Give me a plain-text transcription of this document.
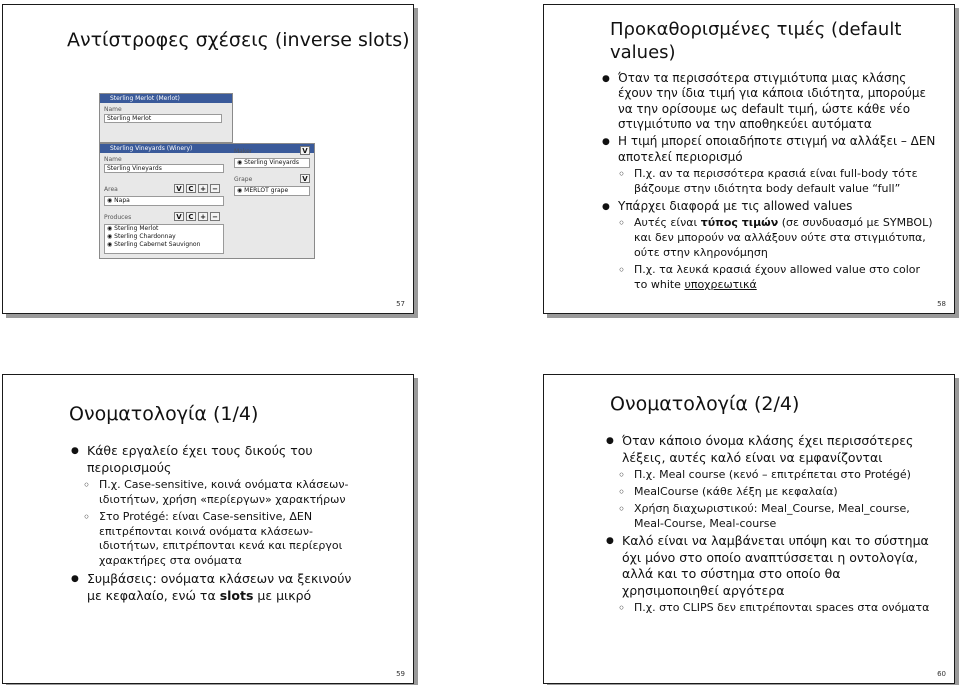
Αντίστροφες σχέσεις (inverse slots)
Sterling Merlot (Merlot)
Name
Sterling Merlot
Sterling Vineyards (Winery)
Name
Sterling Vineyards
Area	V C + −
◉ Napa
Produces	V C + −
◉ Sterling Merlot
◉ Sterling Chardonnay
◉ Sterling Cabernet Sauvignon
Maker	V
◉ Sterling Vineyards
Grape	V
◉ MERLOT grape
57
Προκαθορισμένες τιμές (default
values)
● Όταν τα περισσότερα στιγμιότυπα μιας κλάσης έχουν την ίδια τιμή για κάποια ιδιότητα, μπορούμε να την ορίσουμε ως default τιμή, ώστε κάθε νέο στιγμιότυπο να την αποθηκεύει αυτόματα
● Η τιμή μπορεί οποιαδήποτε στιγμή να αλλάξει – ΔΕΝ αποτελεί περιορισμό
◦ Π.χ. αν τα περισσότερα κρασιά είναι full-body τότε βάζουμε στην ιδιότητα body default value “full”
● Υπάρχει διαφορά με τις allowed values
◦ Αυτές είναι τύπος τιμών (σε συνδυασμό με SYMBOL) και δεν μπορούν να αλλάξουν ούτε στα στιγμιότυπα, ούτε στην κληρονόμηση
◦ Π.χ. τα λευκά κρασιά έχουν allowed value στο color το white υποχρεωτικά
58
Ονοματολογία (1/4)
● Κάθε εργαλείο έχει τους δικούς του περιορισμούς
◦ Π.χ. Case-sensitive, κοινά ονόματα κλάσεων-ιδιοτήτων, χρήση «περίεργων» χαρακτήρων
◦ Στο Protégé: είναι Case-sensitive, ΔΕΝ επιτρέπονται κοινά ονόματα κλάσεων-ιδιοτήτων, επιτρέπονται κενά και περίεργοι χαρακτήρες στα ονόματα
● Συμβάσεις: ονόματα κλάσεων να ξεκινούν με κεφαλαίο, ενώ τα slots με μικρό
59
Ονοματολογία (2/4)
● Όταν κάποιο όνομα κλάσης έχει περισσότερες λέξεις, αυτές καλό είναι να εμφανίζονται
◦ Π.χ. Meal course (κενό – επιτρέπεται στο Protégé)
◦ MealCourse (κάθε λέξη με κεφαλαία)
◦ Χρήση διαχωριστικού: Meal_Course, Meal_course, Meal-Course, Meal-course
● Καλό είναι να λαμβάνεται υπόψη και το σύστημα όχι μόνο στο οποίο αναπτύσσεται η οντολογία, αλλά και το σύστημα στο οποίο θα χρησιμοποιηθεί αργότερα
◦ Π.χ. στο CLIPS δεν επιτρέπονται spaces στα ονόματα
60
